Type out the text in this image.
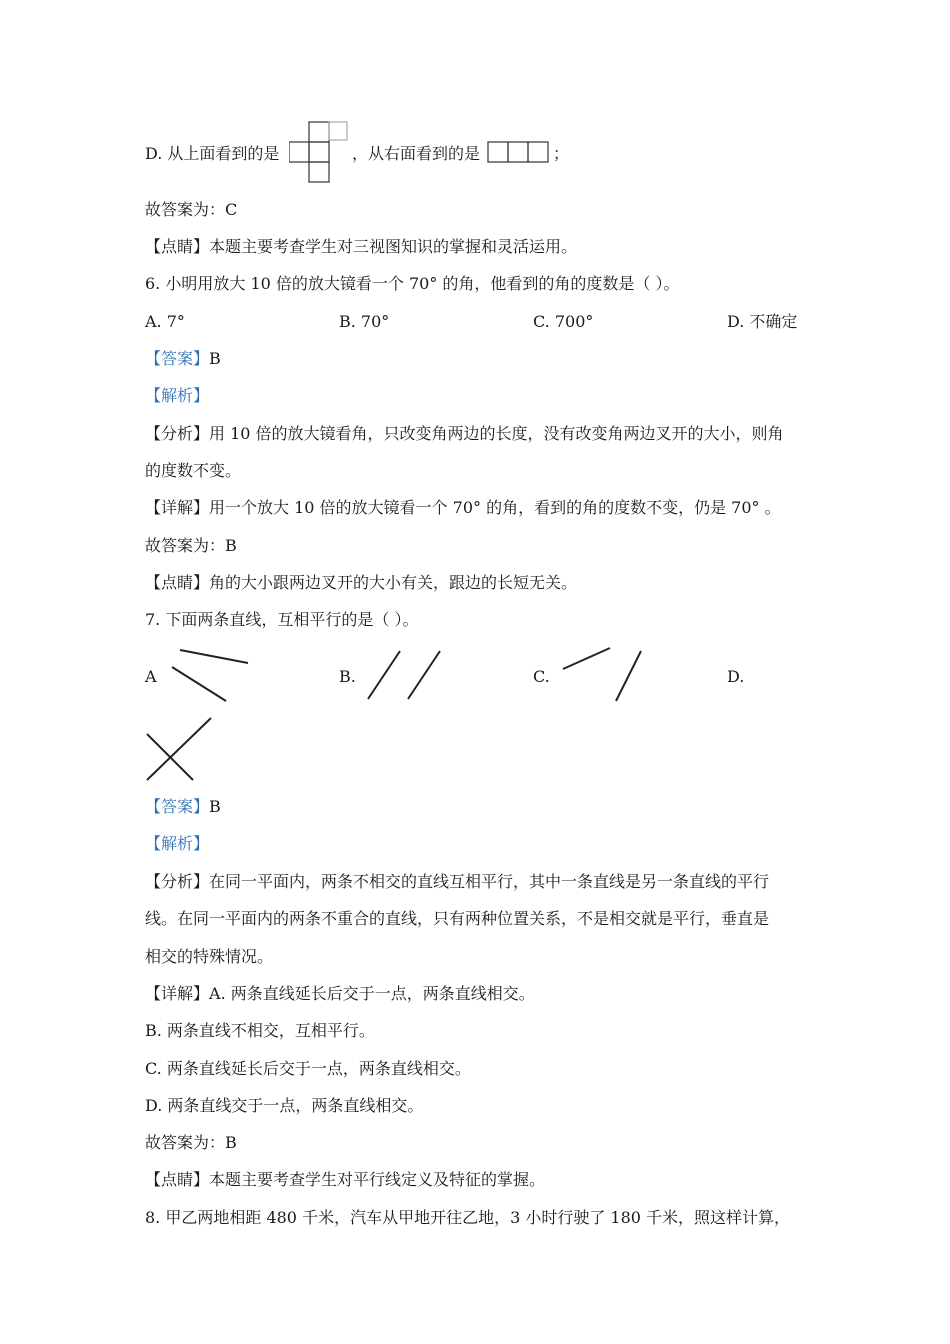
D. 从上面看到的是	，从右面看到的是	；
故答案为：C
【点睛】本题主要考查学生对三视图知识的掌握和灵活运用。
6. 小明用放大 10 倍的放大镜看一个 70° 的角，他看到的角的度数是（ ）。
A. 7°	B. 70°	C. 700°	D. 不确定
【答案】B
【解析】
【分析】用 10 倍的放大镜看角，只改变角两边的长度，没有改变角两边叉开的大小，则角
的度数不变。
【详解】用一个放大 10 倍的放大镜看一个 70° 的角，看到的角的度数不变，仍是 70° 。
故答案为：B
【点睛】角的大小跟两边叉开的大小有关，跟边的长短无关。
7. 下面两条直线，互相平行的是（ ）。
A	B.	C.	D.
【答案】B
【解析】
【分析】在同一平面内，两条不相交的直线互相平行，其中一条直线是另一条直线的平行
线。在同一平面内的两条不重合的直线，只有两种位置关系，不是相交就是平行，垂直是
相交的特殊情况。
【详解】A. 两条直线延长后交于一点，两条直线相交。
B. 两条直线不相交，互相平行。
C. 两条直线延长后交于一点，两条直线相交。
D. 两条直线交于一点，两条直线相交。
故答案为：B
【点睛】本题主要考查学生对平行线定义及特征的掌握。
8. 甲乙两地相距 480 千米，汽车从甲地开往乙地，3 小时行驶了 180 千米，照这样计算，
